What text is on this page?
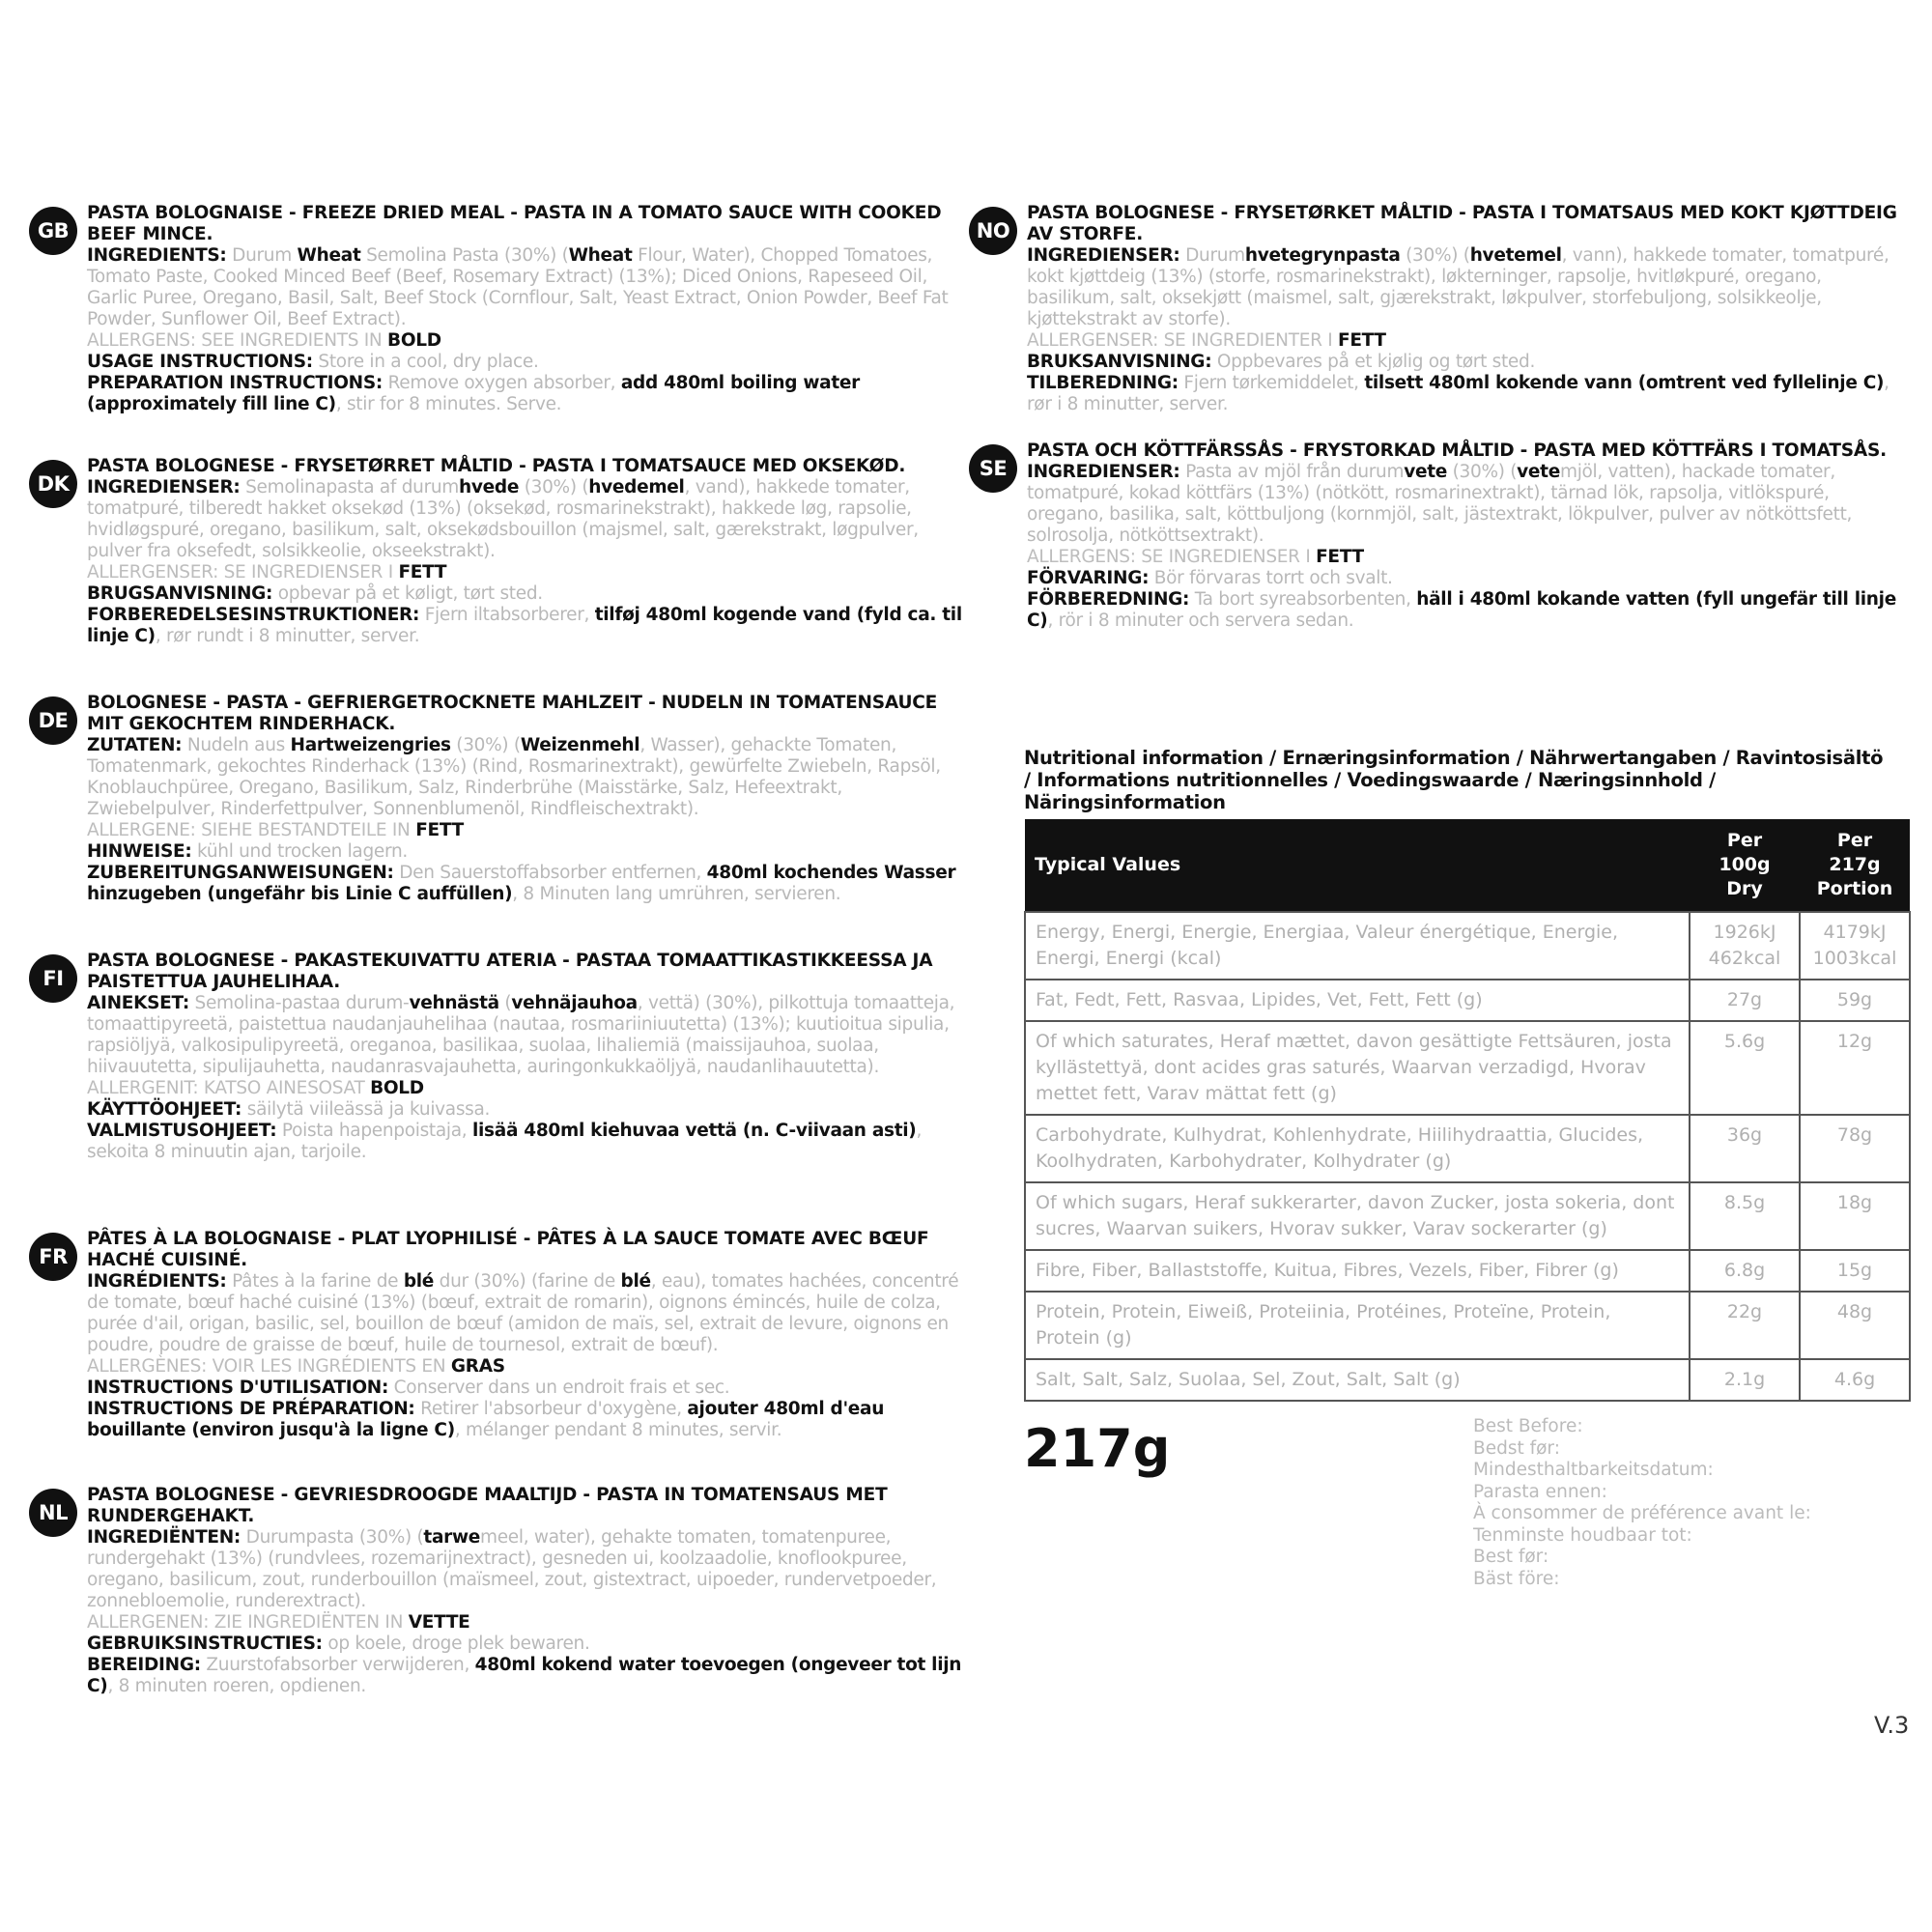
GB
PASTA BOLOGNAISE - FREEZE DRIED MEAL - PASTA IN A TOMATO SAUCE WITH COOKED BEEF MINCE.
INGREDIENTS: Durum Wheat Semolina Pasta (30%) (Wheat Flour, Water), Chopped Tomatoes, Tomato Paste, Cooked Minced Beef (Beef, Rosemary Extract) (13%); Diced Onions, Rapeseed Oil, Garlic Puree, Oregano, Basil, Salt, Beef Stock (Cornflour, Salt, Yeast Extract, Onion Powder, Beef Fat Powder, Sunflower Oil, Beef Extract).
ALLERGENS: SEE INGREDIENTS IN BOLD
USAGE INSTRUCTIONS: Store in a cool, dry place.
PREPARATION INSTRUCTIONS: Remove oxygen absorber, add 480ml boiling water (approximately fill line C), stir for 8 minutes. Serve.
DK
PASTA BOLOGNESE - FRYSETØRRET MÅLTID - PASTA I TOMATSAUCE MED OKSEKØD.
INGREDIENSER: Semolinapasta af durumhvede (30%) (hvedemel, vand), hakkede tomater, tomatpuré, tilberedt hakket oksekød (13%) (oksekød, rosmarinekstrakt), hakkede løg, rapsolie, hvidløgspuré, oregano, basilikum, salt, oksekødsbouillon (majsmel, salt, gærekstrakt, løgpulver, pulver fra oksefedt, solsikkeolie, okseekstrakt).
ALLERGENSER: SE INGREDIENSER I FETT
BRUGSANVISNING: opbevar på et køligt, tørt sted.
FORBEREDELSESINSTRUKTIONER: Fjern iltabsorberer, tilføj 480ml kogende vand (fyld ca. til linje C), rør rundt i 8 minutter, server.
DE
BOLOGNESE - PASTA - GEFRIERGETROCKNETE MAHLZEIT - NUDELN IN TOMATENSAUCE MIT GEKOCHTEM RINDERHACK.
ZUTATEN: Nudeln aus Hartweizengries (30%) (Weizenmehl, Wasser), gehackte Tomaten, Tomatenmark, gekochtes Rinderhack (13%) (Rind, Rosmarinextrakt), gewürfelte Zwiebeln, Rapsöl, Knoblauchpüree, Oregano, Basilikum, Salz, Rinderbrühe (Maisstärke, Salz, Hefeextrakt, Zwiebelpulver, Rinderfettpulver, Sonnenblumenöl, Rindfleischextrakt).
ALLERGENE: SIEHE BESTANDTEILE IN FETT
HINWEISE: kühl und trocken lagern.
ZUBEREITUNGSANWEISUNGEN: Den Sauerstoffabsorber entfernen, 480ml kochendes Wasser hinzugeben (ungefähr bis Linie C auffüllen), 8 Minuten lang umrühren, servieren.
FI
PASTA BOLOGNESE - PAKASTEKUIVATTU ATERIA - PASTAA TOMAATTIKASTIKKEESSA JA PAISTETTUA JAUHELIHAA.
AINEKSET: Semolina-pastaa durum-vehnästä (vehnäjauhoa, vettä) (30%), pilkottuja tomaatteja, tomaattipyreetä, paistettua naudanjauhelihaa (nautaa, rosmariiniuutetta) (13%); kuutioitua sipulia, rapsiöljyä, valkosipulipyreetä, oreganoa, basilikaa, suolaa, lihaliemiä (maissijauhoa, suolaa, hiivauutetta, sipulijauhetta, naudanrasvajauhetta, auringonkukkaöljyä, naudanlihauutetta).
ALLERGENIT: KATSO AINESOSAT BOLD
KÄYTTÖOHJEET: säilytä viileässä ja kuivassa.
VALMISTUSOHJEET: Poista hapenpoistaja, lisää 480ml kiehuvaa vettä (n. C-viivaan asti), sekoita 8 minuutin ajan, tarjoile.
FR
PÂTES À LA BOLOGNAISE - PLAT LYOPHILISÉ - PÂTES À LA SAUCE TOMATE AVEC BŒUF HACHÉ CUISINÉ.
INGRÉDIENTS: Pâtes à la farine de blé dur (30%) (farine de blé, eau), tomates hachées, concentré de tomate, bœuf haché cuisiné (13%) (bœuf, extrait de romarin), oignons émincés, huile de colza, purée d'ail, origan, basilic, sel, bouillon de bœuf (amidon de maïs, sel, extrait de levure, oignons en poudre, poudre de graisse de bœuf, huile de tournesol, extrait de bœuf).
ALLERGÈNES: VOIR LES INGRÉDIENTS EN GRAS
INSTRUCTIONS D'UTILISATION: Conserver dans un endroit frais et sec.
INSTRUCTIONS DE PRÉPARATION: Retirer l'absorbeur d'oxygène, ajouter 480ml d'eau bouillante (environ jusqu'à la ligne C), mélanger pendant 8 minutes, servir.
NL
PASTA BOLOGNESE - GEVRIESDROOGDE MAALTIJD - PASTA IN TOMATENSAUS MET RUNDERGEHAKT.
INGREDIËNTEN: Durumpasta (30%) (tarwemeel, water), gehakte tomaten, tomatenpuree, rundergehakt (13%) (rundvlees, rozemarijnextract), gesneden ui, koolzaadolie, knoflookpuree, oregano, basilicum, zout, runderbouillon (maïsmeel, zout, gistextract, uipoeder, rundervetpoeder, zonnebloemolie, runderextract).
ALLERGENEN: ZIE INGREDIËNTEN IN VETTE
GEBRUIKSINSTRUCTIES: op koele, droge plek bewaren.
BEREIDING: Zuurstofabsorber verwijderen, 480ml kokend water toevoegen (ongeveer tot lijn C), 8 minuten roeren, opdienen.
NO
PASTA BOLOGNESE - FRYSETØRKET MÅLTID - PASTA I TOMATSAUS MED KOKT KJØTTDEIG AV STORFE.
INGREDIENSER: Durumhvetegrynpasta (30%) (hvetemel, vann), hakkede tomater, tomatpuré, kokt kjøttdeig (13%) (storfe, rosmarinekstrakt), løkterninger, rapsolje, hvitløkpuré, oregano, basilikum, salt, oksekjøtt (maismel, salt, gjærekstrakt, løkpulver, storfebuljong, solsikkeolje, kjøttekstrakt av storfe).
ALLERGENSER: SE INGREDIENTER I FETT
BRUKSANVISNING: Oppbevares på et kjølig og tørt sted.
TILBEREDNING: Fjern tørkemiddelet, tilsett 480ml kokende vann (omtrent ved fyllelinje C), rør i 8 minutter, server.
SE
PASTA OCH KÖTTFÄRSSÅS - FRYSTORKAD MÅLTID - PASTA MED KÖTTFÄRS I TOMATSÅS.
INGREDIENSER: Pasta av mjöl från durumvete (30%) (vetemjöl, vatten), hackade tomater, tomatpuré, kokad köttfärs (13%) (nötkött, rosmarinextrakt), tärnad lök, rapsolja, vitlökspuré, oregano, basilika, salt, köttbuljong (kornmjöl, salt, jästextrakt, lökpulver, pulver av nötköttsfett, solrosolja, nötköttsextrakt).
ALLERGENS: SE INGREDIENSER I FETT
FÖRVARING: Bör förvaras torrt och svalt.
FÖRBEREDNING: Ta bort syreabsorbenten, häll i 480ml kokande vatten (fyll ungefär till linje C), rör i 8 minuter och servera sedan.
Nutritional information / Ernæringsinformation / Nährwertangaben / Ravintosisältö / Informations nutritionnelles / Voedingswaarde / Næringsinnhold / Näringsinformation
Typical Values	Per 100g Dry	Per 217g Portion
Energy, Energi, Energie, Energiaa, Valeur énergétique, Energie, Energi, Energi (kcal)	1926kJ 462kcal	4179kJ 1003kcal
Fat, Fedt, Fett, Rasvaa, Lipides, Vet, Fett, Fett (g)	27g	59g
Of which saturates, Heraf mættet, davon gesättigte Fettsäuren, josta kyllästettyä, dont acides gras saturés, Waarvan verzadigd, Hvorav mettet fett, Varav mättat fett (g)	5.6g	12g
Carbohydrate, Kulhydrat, Kohlenhydrate, Hiilihydraattia, Glucides, Koolhydraten, Karbohydrater, Kolhydrater (g)	36g	78g
Of which sugars, Heraf sukkerarter, davon Zucker, josta sokeria, dont sucres, Waarvan suikers, Hvorav sukker, Varav sockerarter (g)	8.5g	18g
Fibre, Fiber, Ballaststoffe, Kuitua, Fibres, Vezels, Fiber, Fibrer (g)	6.8g	15g
Protein, Protein, Eiweiß, Proteiinia, Protéines, Proteïne, Protein, Protein (g)	22g	48g
Salt, Salt, Salz, Suolaa, Sel, Zout, Salt, Salt (g)	2.1g	4.6g
217g	Best Before:
Bedst før:
Mindesthaltbarkeitsdatum:
Parasta ennen:
À consommer de préférence avant le:
Tenminste houdbaar tot:
Best før:
Bäst före:
V.3
